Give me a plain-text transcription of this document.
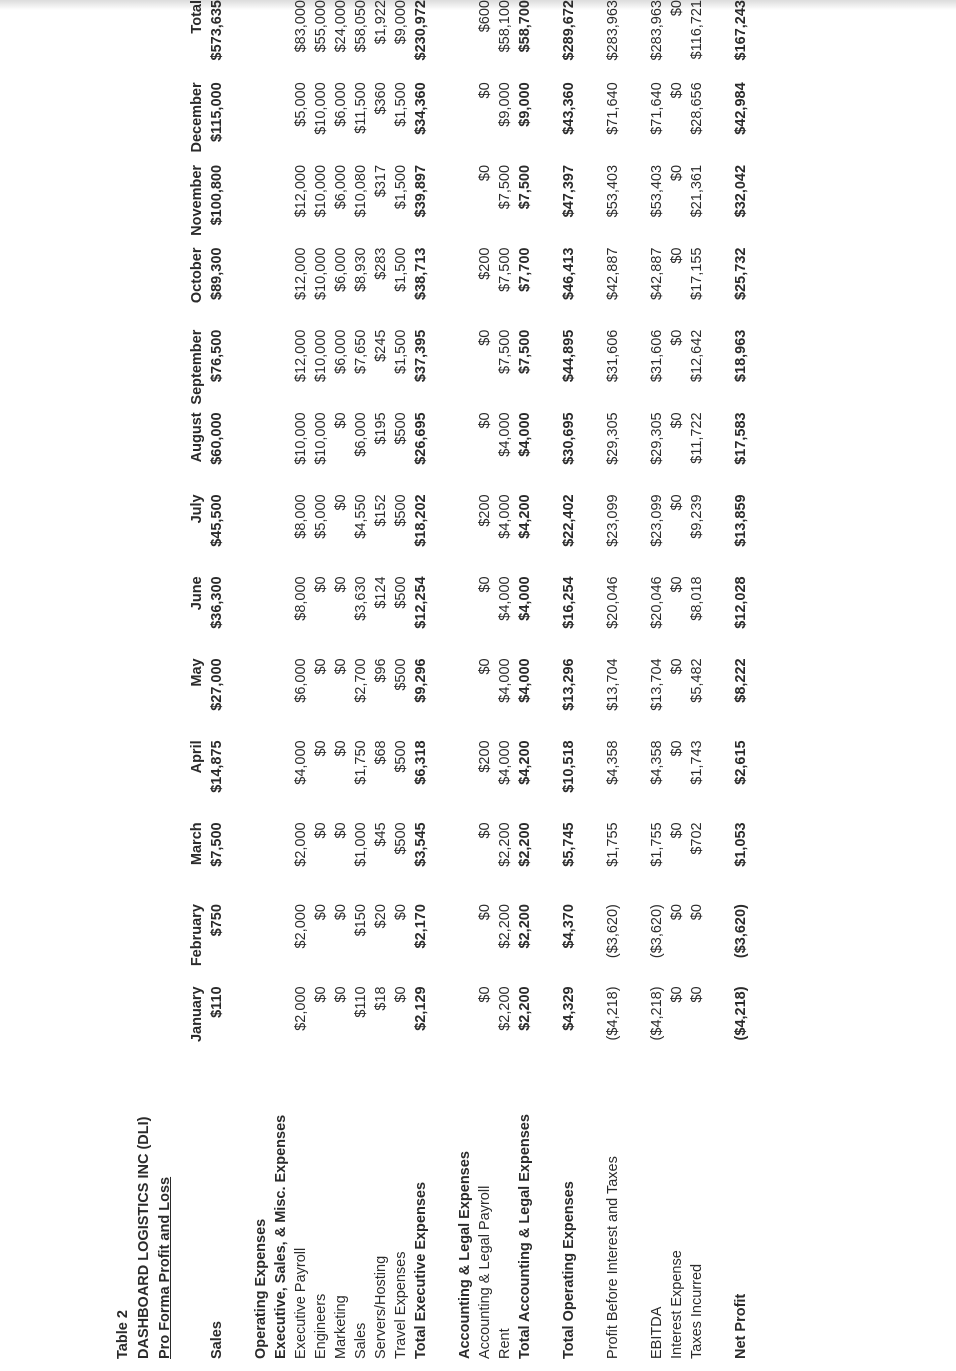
Table 2 DASHBOARD LOGISTICS INC (DLI) Pro Forma Profit and Loss
	January	February	March	April	May	June	July	August	September	October	November	December	Total
Sales	$110	$750	$7,500	$14,875	$27,000	$36,300	$45,500	$60,000	$76,500	$89,300	$100,800	$115,000	$573,635

Operating Expenses													
Executive, Sales, & Misc. Expenses													
Executive Payroll	$2,000	$2,000	$2,000	$4,000	$6,000	$8,000	$8,000	$10,000	$12,000	$12,000	$12,000	$5,000	$83,000
Engineers	$0	$0	$0	$0	$0	$0	$5,000	$10,000	$10,000	$10,000	$10,000	$10,000	$55,000
Marketing	$0	$0	$0	$0	$0	$0	$0	$0	$6,000	$6,000	$6,000	$6,000	$24,000
Sales	$110	$150	$1,000	$1,750	$2,700	$3,630	$4,550	$6,000	$7,650	$8,930	$10,080	$11,500	$58,050
Servers/Hosting	$18	$20	$45	$68	$96	$124	$152	$195	$245	$283	$317	$360	$1,922
Travel Expenses	$0	$0	$500	$500	$500	$500	$500	$500	$1,500	$1,500	$1,500	$1,500	$9,000
Total Executive Expenses	$2,129	$2,170	$3,545	$6,318	$9,296	$12,254	$18,202	$26,695	$37,395	$38,713	$39,897	$34,360	$230,972

Accounting & Legal Expenses													
Accounting & Legal Payroll	$0	$0	$0	$200	$0	$0	$200	$0	$0	$200	$0	$0	$600
Rent	$2,200	$2,200	$2,200	$4,000	$4,000	$4,000	$4,000	$4,000	$7,500	$7,500	$7,500	$9,000	$58,100
Total Accounting & Legal Expenses	$2,200	$2,200	$2,200	$4,200	$4,000	$4,000	$4,200	$4,000	$7,500	$7,700	$7,500	$9,000	$58,700

Total Operating Expenses	$4,329	$4,370	$5,745	$10,518	$13,296	$16,254	$22,402	$30,695	$44,895	$46,413	$47,397	$43,360	$289,672

Profit Before Interest and Taxes	($4,218)	($3,620)	$1,755	$4,358	$13,704	$20,046	$23,099	$29,305	$31,606	$42,887	$53,403	$71,640	$283,963

EBITDA	($4,218)	($3,620)	$1,755	$4,358	$13,704	$20,046	$23,099	$29,305	$31,606	$42,887	$53,403	$71,640	$283,963
Interest Expense	$0	$0	$0	$0	$0	$0	$0	$0	$0	$0	$0	$0	$0
Taxes Incurred	$0	$0	$702	$1,743	$5,482	$8,018	$9,239	$11,722	$12,642	$17,155	$21,361	$28,656	$116,721

Net Profit	($4,218)	($3,620)	$1,053	$2,615	$8,222	$12,028	$13,859	$17,583	$18,963	$25,732	$32,042	$42,984	$167,243
